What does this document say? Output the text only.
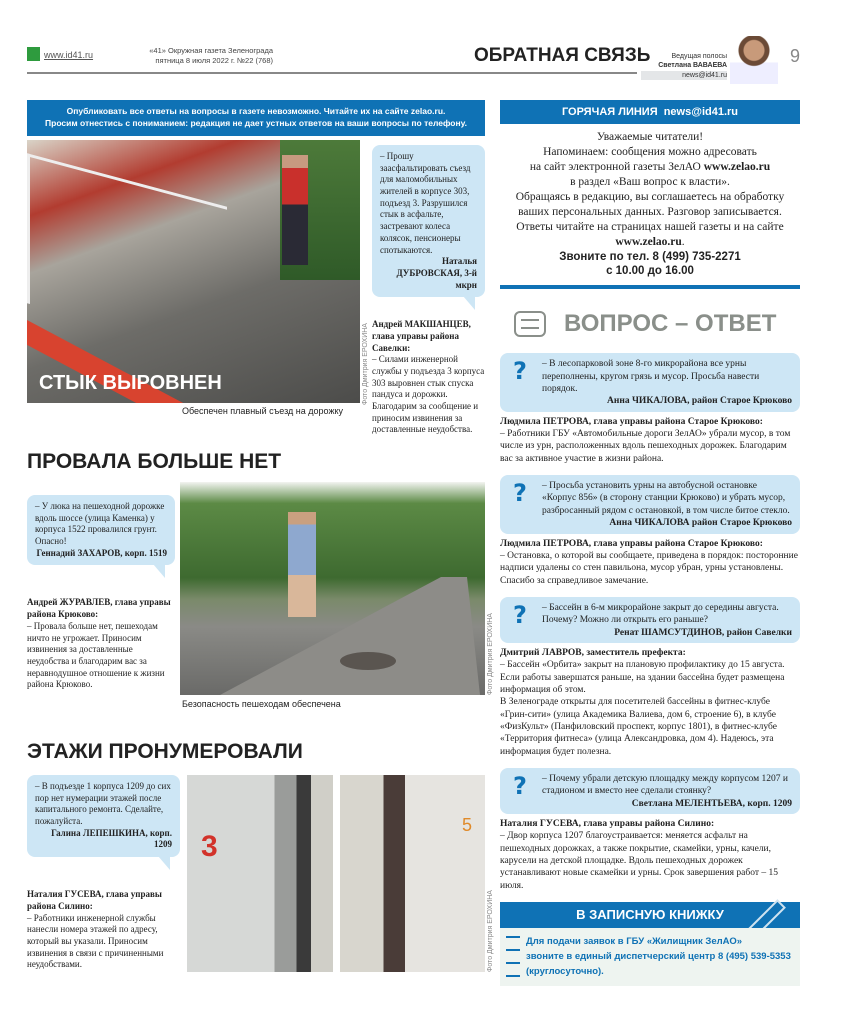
www.id41.ru	«41» Окружная газета Зеленограда
пятница 8 июля 2022 г. №22 (768)	ОБРАТНАЯ СВЯЗЬ	Ведущая полосы
Светлана ВАВАЕВА
news@id41.ru
9
Опубликовать все ответы на вопросы в газете невозможно. Читайте их на сайте zelao.ru.
Просим отнестись с пониманием: редакция не дает устных ответов на ваши вопросы по телефону.
СТЫК ВЫРОВНЕН	Фото Дмитрия ЕРОХИНА
Обеспечен плавный съезд на дорожку
– Прошу заасфальтировать съезд для маломобильных жителей в корпусе 303, подъезд 3. Разрушился стык в асфальте, застревают колеса колясок, пенсионеры спотыкаются.
Наталья ДУБРОВСКАЯ, 3-й мкрн
Андрей МАКШАНЦЕВ, глава управы района Савелки:
– Силами инженерной службы у подъезда 3 корпуса 303 выровнен стык спуска пандуса и дорожки. Благодарим за сообщение и приносим извинения за доставленные неудобства.
ПРОВАЛА БОЛЬШЕ НЕТ
– У люка на пешеходной дорожке вдоль шоссе (улица Каменка) у корпуса 1522 провалился грунт. Опасно!
Геннадий ЗАХАРОВ, корп. 1519
Андрей ЖУРАВЛЕВ, глава управы района Крюково:
– Провала больше нет, пешеходам ничто не угрожает. Приносим извинения за доставленные неудобства и благодарим вас за неравнодушное отношение к жизни района Крюково.	Фото Дмитрия ЕРОХИНА
Безопасность пешеходам обеспечена
ЭТАЖИ ПРОНУМЕРОВАЛИ
– В подъезде 1 корпуса 1209 до сих пор нет нумерации этажей после капитального ремонта. Сделайте, пожалуйста.
Галина ЛЕПЕШКИНА, корп. 1209
Наталия ГУСЕВА, глава управы района Силино:
– Работники инженерной службы нанесли номера этажей по адресу, который вы указали. Приносим извинения в связи с причиненными неудобствами.
3
5
Фото Дмитрия ЕРОХИНА
ГОРЯЧАЯ ЛИНИЯ  news@id41.ru
Уважаемые читатели!
Напоминаем: сообщения можно адресовать
на сайт электронной газеты ЗелАО www.zelao.ru
в раздел «Ваш вопрос к власти».
Обращаясь в редакцию, вы соглашаетесь на обработку ваших персональных данных. Разговор записывается.
Ответы читайте на страницах нашей газеты и на сайте
www.zelao.ru.
Звоните по тел. 8 (499) 735-2271
с 10.00 до 16.00
ВОПРОС – ОТВЕТ
?	– В лесопарковой зоне 8-го микрорайона все урны переполнены, кругом грязь и мусор. Просьба навести порядок.
Анна ЧИКАЛОВА, район Старое Крюково
Людмила ПЕТРОВА, глава управы района Старое Крюково:
– Работники ГБУ «Автомобильные дороги ЗелАО» убрали мусор, в том числе из урн, расположенных вдоль пешеходных дорожек. Благодарим вас за активное участие в жизни района.
?	– Просьба установить урны на автобусной остановке «Корпус 856» (в сторону станции Крюково) и убрать мусор, разбросанный рядом с остановкой, в том числе битое стекло.
Анна ЧИКАЛОВА район Старое Крюково
Людмила ПЕТРОВА, глава управы района Старое Крюково:
– Остановка, о которой вы сообщаете, приведена в порядок: посторонние надписи удалены со стен павильона, мусор убран, урны установлены. Спасибо за справедливое замечание.
?	– Бассейн в 6-м микрорайоне закрыт до середины августа. Почему? Можно ли открыть его раньше?
Ренат ШАМСУТДИНОВ, район Савелки
Дмитрий ЛАВРОВ, заместитель префекта:
– Бассейн «Орбита» закрыт на плановую профилактику до 15 августа. Если работы завершатся раньше, на здании бассейна будет размещена информация об этом.
В Зеленограде открыты для посетителей бассейны в фитнес-клубе «Грин-сити» (улица Академика Валиева, дом 6, строение 6), в клубе «ФизКульт» (Панфиловский проспект, корпус 1801), в фитнес-клубе «Территория фитнеса» (улица Александровка, дом 4). Надеюсь, эта информация будет полезна.
?	– Почему убрали детскую площадку между корпусом 1207 и стадионом и вместо нее сделали стоянку?
Светлана МЕЛЕНТЬЕВА, корп. 1209
Наталия ГУСЕВА, глава управы района Силино:
– Двор корпуса 1207 благоустраивается: меняется асфальт на пешеходных дорожках, а также покрытие, скамейки, урны, качели, карусели на детской площадке. Вдоль пешеходных дорожек устанавливают новые скамейки и урны. Срок завершения работ – 15 июля.
В ЗАПИСНУЮ КНИЖКУ
Для подачи заявок в ГБУ «Жилищник ЗелАО»
звоните в единый диспетчерский центр 8 (495) 539-5353
(круглосуточно).
